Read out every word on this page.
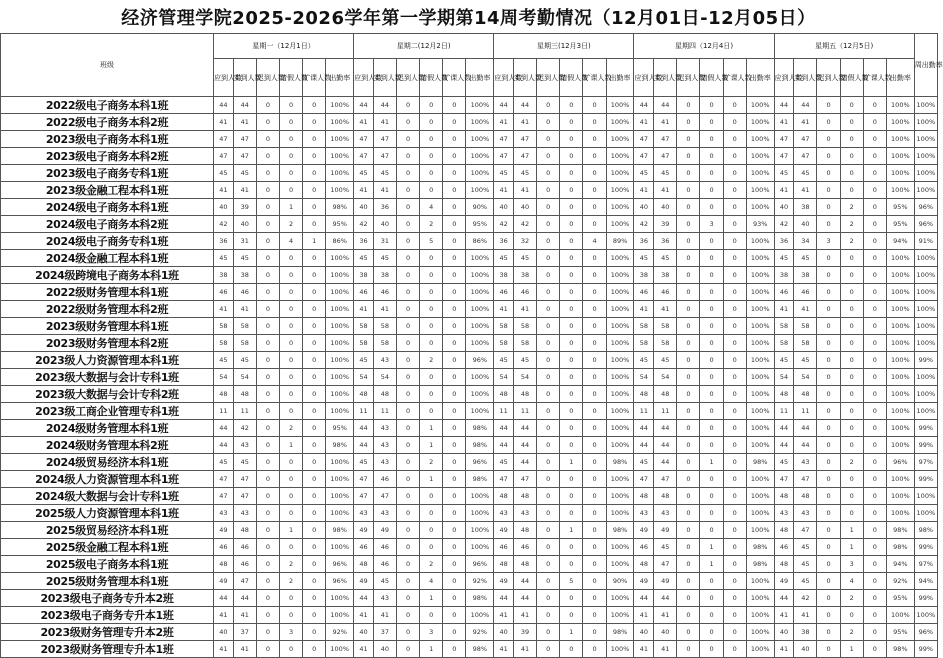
经济管理学院2025-2026学年第一学期第14周考勤情况（12月01日-12月05日）
班级	星期一（12月1日）						星期二(12月2日)						星期三(12月3日)						星期四（12月4日)						星期五（12月5日)						周出勤率
	应到人数	实到人数	迟到人数	请假人数	旷课人数	出勤率	应到人数	实到人数	迟到人数	请假人数	旷课人数	出勤率	应到人数	实到人数	迟到人数	请假人数	旷课人数	出勤率	应到人数	实到人数	迟到人数	请假人数	旷课人数	出勤率	应到人数	实到人数	迟到人数	请假人数	旷课人数	出勤率	
2022级电子商务本科1班	44	44	0	0	0	100%	44	44	0	0	0	100%	44	44	0	0	0	100%	44	44	0	0	0	100%	44	44	0	0	0	100%	100%
2022级电子商务本科2班	41	41	0	0	0	100%	41	41	0	0	0	100%	41	41	0	0	0	100%	41	41	0	0	0	100%	41	41	0	0	0	100%	100%
2023级电子商务本科1班	47	47	0	0	0	100%	47	47	0	0	0	100%	47	47	0	0	0	100%	47	47	0	0	0	100%	47	47	0	0	0	100%	100%
2023级电子商务本科2班	47	47	0	0	0	100%	47	47	0	0	0	100%	47	47	0	0	0	100%	47	47	0	0	0	100%	47	47	0	0	0	100%	100%
2023级电子商务专科1班	45	45	0	0	0	100%	45	45	0	0	0	100%	45	45	0	0	0	100%	45	45	0	0	0	100%	45	45	0	0	0	100%	100%
2023级金融工程本科1班	41	41	0	0	0	100%	41	41	0	0	0	100%	41	41	0	0	0	100%	41	41	0	0	0	100%	41	41	0	0	0	100%	100%
2024级电子商务本科1班	40	39	0	1	0	98%	40	36	0	4	0	90%	40	40	0	0	0	100%	40	40	0	0	0	100%	40	38	0	2	0	95%	96%
2024级电子商务本科2班	42	40	0	2	0	95%	42	40	0	2	0	95%	42	42	0	0	0	100%	42	39	0	3	0	93%	42	40	0	2	0	95%	96%
2024级电子商务专科1班	36	31	0	4	1	86%	36	31	0	5	0	86%	36	32	0	0	4	89%	36	36	0	0	0	100%	36	34	3	2	0	94%	91%
2024级金融工程本科1班	45	45	0	0	0	100%	45	45	0	0	0	100%	45	45	0	0	0	100%	45	45	0	0	0	100%	45	45	0	0	0	100%	100%
2024级跨境电子商务本科1班	38	38	0	0	0	100%	38	38	0	0	0	100%	38	38	0	0	0	100%	38	38	0	0	0	100%	38	38	0	0	0	100%	100%
2022级财务管理本科1班	46	46	0	0	0	100%	46	46	0	0	0	100%	46	46	0	0	0	100%	46	46	0	0	0	100%	46	46	0	0	0	100%	100%
2022级财务管理本科2班	41	41	0	0	0	100%	41	41	0	0	0	100%	41	41	0	0	0	100%	41	41	0	0	0	100%	41	41	0	0	0	100%	100%
2023级财务管理本科1班	58	58	0	0	0	100%	58	58	0	0	0	100%	58	58	0	0	0	100%	58	58	0	0	0	100%	58	58	0	0	0	100%	100%
2023级财务管理本科2班	58	58	0	0	0	100%	58	58	0	0	0	100%	58	58	0	0	0	100%	58	58	0	0	0	100%	58	58	0	0	0	100%	100%
2023级人力资源管理本科1班	45	45	0	0	0	100%	45	43	0	2	0	96%	45	45	0	0	0	100%	45	45	0	0	0	100%	45	45	0	0	0	100%	99%
2023级大数据与会计专科1班	54	54	0	0	0	100%	54	54	0	0	0	100%	54	54	0	0	0	100%	54	54	0	0	0	100%	54	54	0	0	0	100%	100%
2023级大数据与会计专科2班	48	48	0	0	0	100%	48	48	0	0	0	100%	48	48	0	0	0	100%	48	48	0	0	0	100%	48	48	0	0	0	100%	100%
2023级工商企业管理专科1班	11	11	0	0	0	100%	11	11	0	0	0	100%	11	11	0	0	0	100%	11	11	0	0	0	100%	11	11	0	0	0	100%	100%
2024级财务管理本科1班	44	42	0	2	0	95%	44	43	0	1	0	98%	44	44	0	0	0	100%	44	44	0	0	0	100%	44	44	0	0	0	100%	99%
2024级财务管理本科2班	44	43	0	1	0	98%	44	43	0	1	0	98%	44	44	0	0	0	100%	44	44	0	0	0	100%	44	44	0	0	0	100%	99%
2024级贸易经济本科1班	45	45	0	0	0	100%	45	43	0	2	0	96%	45	44	0	1	0	98%	45	44	0	1	0	98%	45	43	0	2	0	96%	97%
2024级人力资源管理本科1班	47	47	0	0	0	100%	47	46	0	1	0	98%	47	47	0	0	0	100%	47	47	0	0	0	100%	47	47	0	0	0	100%	99%
2024级大数据与会计专科1班	47	47	0	0	0	100%	47	47	0	0	0	100%	48	48	0	0	0	100%	48	48	0	0	0	100%	48	48	0	0	0	100%	100%
2025级人力资源管理本科1班	43	43	0	0	0	100%	43	43	0	0	0	100%	43	43	0	0	0	100%	43	43	0	0	0	100%	43	43	0	0	0	100%	100%
2025级贸易经济本科1班	49	48	0	1	0	98%	49	49	0	0	0	100%	49	48	0	1	0	98%	49	49	0	0	0	100%	48	47	0	1	0	98%	98%
2025级金融工程本科1班	46	46	0	0	0	100%	46	46	0	0	0	100%	46	46	0	0	0	100%	46	45	0	1	0	98%	46	45	0	1	0	98%	99%
2025级电子商务本科1班	48	46	0	2	0	96%	48	46	0	2	0	96%	48	48	0	0	0	100%	48	47	0	1	0	98%	48	45	0	3	0	94%	97%
2025级财务管理本科1班	49	47	0	2	0	96%	49	45	0	4	0	92%	49	44	0	5	0	90%	49	49	0	0	0	100%	49	45	0	4	0	92%	94%
2023级电子商务专升本2班	44	44	0	0	0	100%	44	43	0	1	0	98%	44	44	0	0	0	100%	44	44	0	0	0	100%	44	42	0	2	0	95%	99%
2023级电子商务专升本1班	41	41	0	0	0	100%	41	41	0	0	0	100%	41	41	0	0	0	100%	41	41	0	0	0	100%	41	41	0	0	0	100%	100%
2023级财务管理专升本2班	40	37	0	3	0	92%	40	37	0	3	0	92%	40	39	0	1	0	98%	40	40	0	0	0	100%	40	38	0	2	0	95%	96%
2023级财务管理专升本1班	41	41	0	0	0	100%	41	40	0	1	0	98%	41	41	0	0	0	100%	41	41	0	0	0	100%	41	40	0	1	0	98%	99%
